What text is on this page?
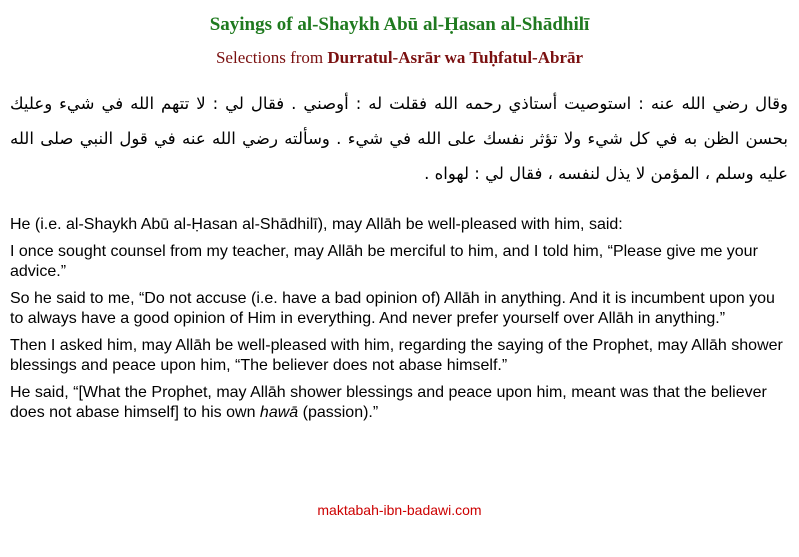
Sayings of al-Shaykh Abū al-Ḥasan al-Shādhilī
Selections from Durratul-Asrār wa Tuḥfatul-Abrār
وقال رضي الله عنه : استوصيت أستاذي رحمه الله فقلت له : أوصني . فقال لي : لا تتهم الله في شيء وعليك بحسن الظن به في كل شيء ولا تؤثر نفسك على الله في شيء . وسألته رضي الله عنه في قول النبي صلى الله عليه وسلم ، المؤمن لا يذل لنفسه ، فقال لي : لهواه .

He (i.e. al-Shaykh Abū al-Ḥasan al-Shādhilī), may Allāh be well-pleased with him, said:

I once sought counsel from my teacher, may Allāh be merciful to him, and I told him, “Please give me your advice.”

So he said to me, “Do not accuse (i.e. have a bad opinion of) Allāh in anything. And it is incumbent upon you to always have a good opinion of Him in everything. And never prefer yourself over Allāh in anything.”

Then I asked him, may Allāh be well-pleased with him, regarding the saying of the Prophet, may Allāh shower blessings and peace upon him, “The believer does not abase himself.”

He said, “[What the Prophet, may Allāh shower blessings and peace upon him, meant was that the believer does not abase himself] to his own hawā (passion).”

maktabah-ibn-badawi.com
